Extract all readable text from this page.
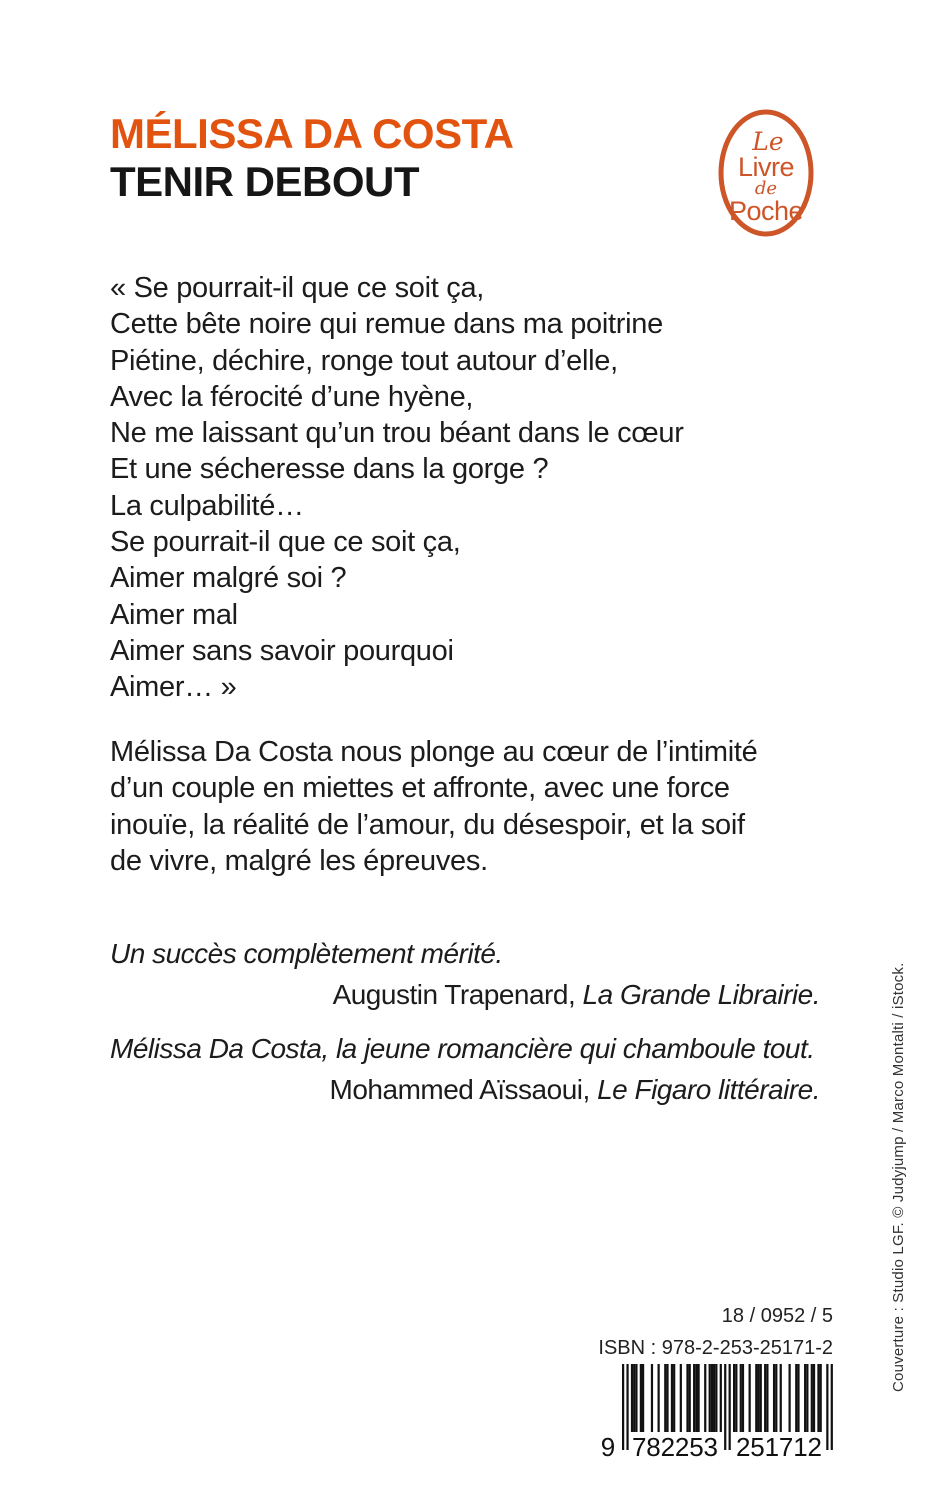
MÉLISSA DA COSTA
TENIR DEBOUT
Le
Livre
de
Poche
« Se pourrait-il que ce soit ça,
Cette bête noire qui remue dans ma poitrine
Piétine, déchire, ronge tout autour d’elle,
Avec la férocité d’une hyène,
Ne me laissant qu’un trou béant dans le cœur
Et une sécheresse dans la gorge ?
La culpabilité…
Se pourrait-il que ce soit ça,
Aimer malgré soi ?
Aimer mal
Aimer sans savoir pourquoi
Aimer… »
Mélissa Da Costa nous plonge au cœur de l’intimité
d’un couple en miettes et affronte, avec une force
inouïe, la réalité de l’amour, du désespoir, et la soif
de vivre, malgré les épreuves.
Un succès complètement mérité.
Augustin Trapenard, La Grande Librairie.
Mélissa Da Costa, la jeune romancière qui chamboule tout.
Mohammed Aïssaoui, Le Figaro littéraire.
18 / 0952 / 5
ISBN : 978-2-253-25171-2
9 782253 251712
Couverture : Studio LGF. © Judyjump / Marco Montalti / iStock.
